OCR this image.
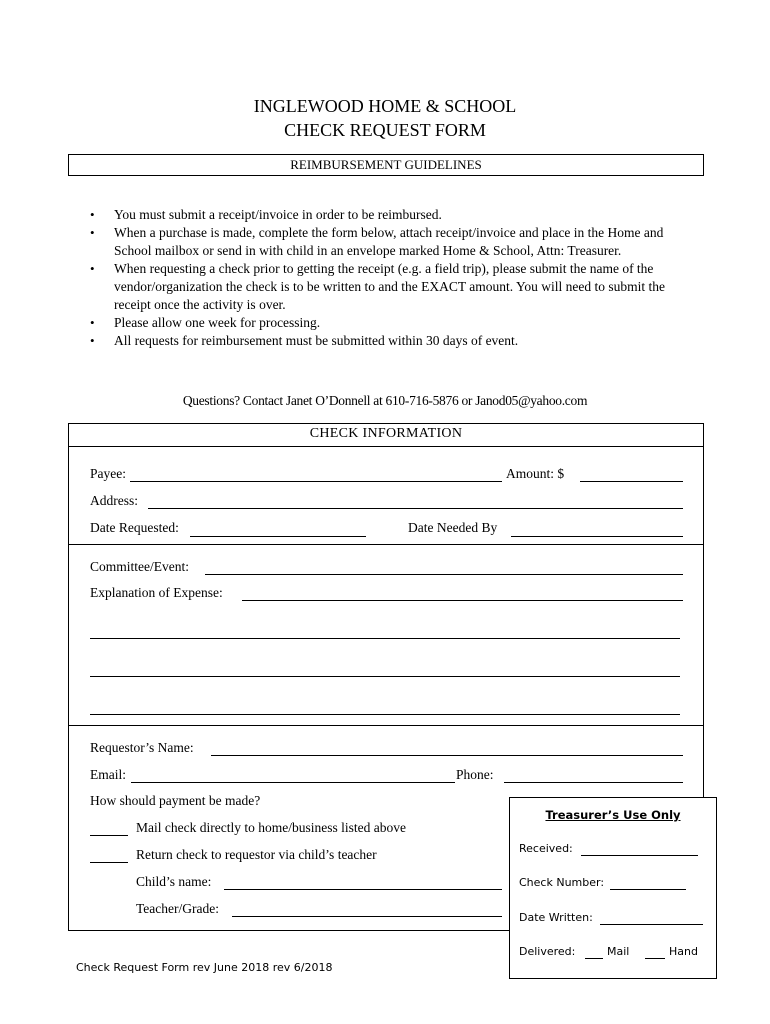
INGLEWOOD HOME & SCHOOL
CHECK REQUEST FORM
REIMBURSEMENT GUIDELINES
• You must submit a receipt/invoice in order to be reimbursed.
• When a purchase is made, complete the form below, attach receipt/invoice and place in the Home and School mailbox or send in with child in an envelope marked Home & School, Attn: Treasurer.
• When requesting a check prior to getting the receipt (e.g. a field trip), please submit the name of the vendor/organization the check is to be written to and the EXACT amount. You will need to submit the receipt once the activity is over.
• Please allow one week for processing.
• All requests for reimbursement must be submitted within 30 days of event.
Questions? Contact Janet O’Donnell at 610-716-5876 or Janod05@yahoo.com
CHECK INFORMATION
Payee:	Amount: $
Address:
Date Requested:	Date Needed By
Committee/Event:
Explanation of Expense:
Requestor’s Name:
Email:	Phone:
How should payment be made?
Mail check directly to home/business listed above
Return check to requestor via child’s teacher
Child’s name:
Teacher/Grade:
Treasurer’s Use Only
Received:
Check Number:
Date Written:
Delivered:	Mail	Hand
Check Request Form rev June 2018 rev 6/2018
